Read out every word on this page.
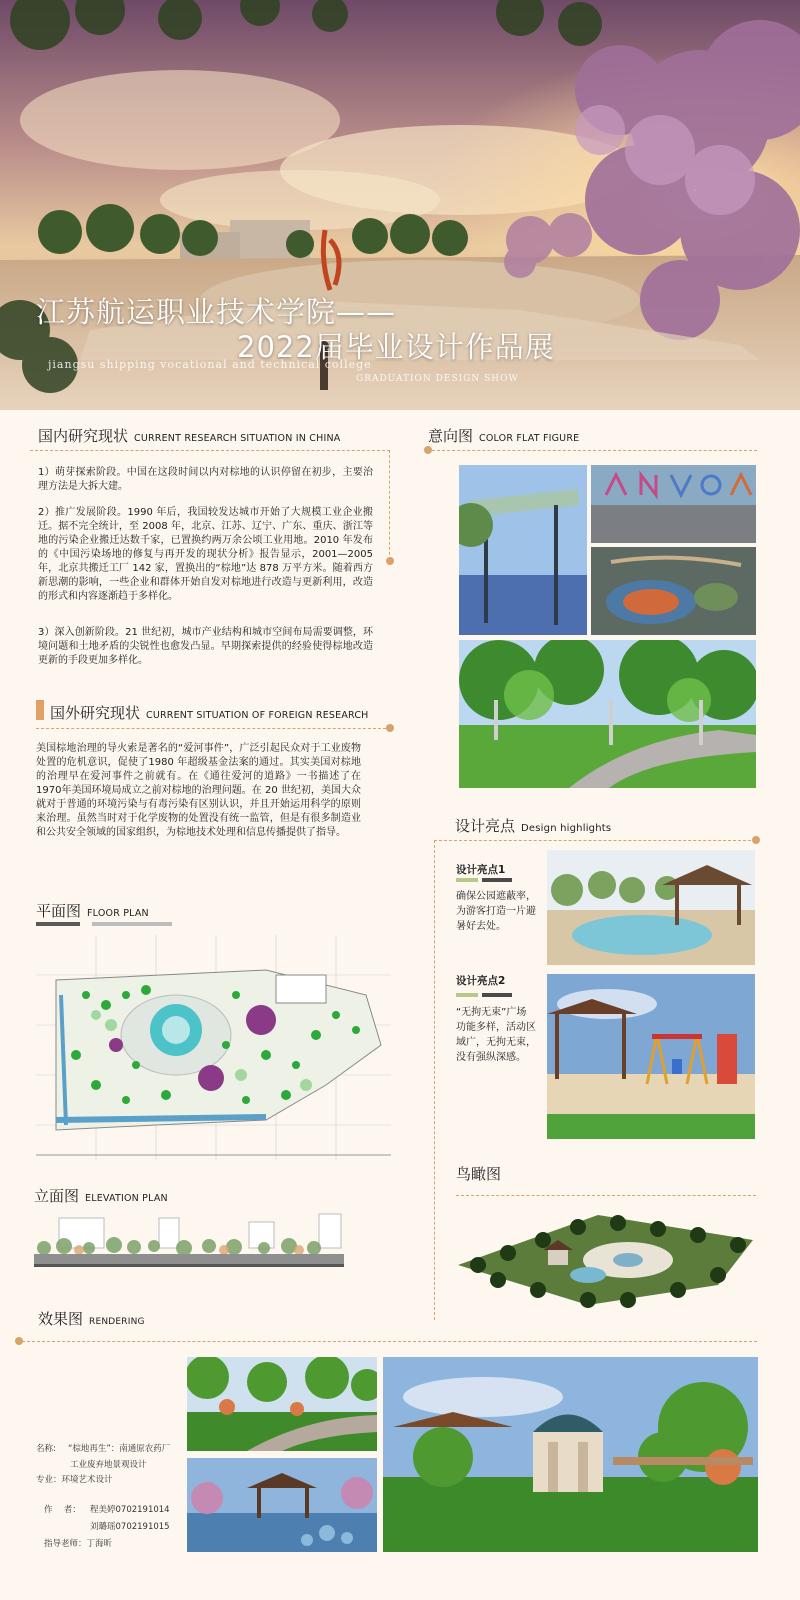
江苏航运职业技术学院——
2022届毕业设计作品展
jiangsu shipping vocational and technical college
GRADUATION DESIGN SHOW
国内研究现状 CURRENT RESEARCH SITUATION IN CHINA
1）萌芽探索阶段。中国在这段时间以内对棕地的认识停留在初步，主要治理方法是大拆大建。
2）推广发展阶段。1990 年后，我国较发达城市开始了大规模工业企业搬迁。据不完全统计，至 2008 年，北京、江苏、辽宁、广东、重庆、浙江等地的污染企业搬迁达数千家，已置换约两万余公顷工业用地。2010 年发布的《中国污染场地的修复与再开发的现状分析》报告显示，2001—2005 年，北京共搬迁工厂 142 家，置换出的“棕地”达 878 万平方米。随着西方新思潮的影响，一些企业和群体开始自发对棕地进行改造与更新利用，改造的形式和内容逐渐趋于多样化。
3）深入创新阶段。21 世纪初，城市产业结构和城市空间布局需要调整，环境问题和土地矛盾的尖锐性也愈发凸显。早期探索提供的经验使得棕地改造更新的手段更加多样化。
国外研究现状 CURRENT SITUATION OF FOREIGN RESEARCH
美国棕地治理的导火索是著名的“爱河事件”，广泛引起民众对于工业废物处置的危机意识，促使了1980 年超级基金法案的通过。其实美国对棕地的治理早在爱河事件之前就有。在《通往爱河的道路》一书描述了在 1970年美国环境局成立之前对棕地的治理问题。在 20 世纪初，美国大众就对于普通的环境污染与有毒污染有区别认识，并且开始运用科学的原则来治理。虽然当时对于化学废物的处置没有统一监管，但是有很多制造业和公共安全领域的国家组织，为棕地技术处理和信息传播提供了指导。
平面图 FLOOR PLAN
立面图 ELEVATION PLAN
意向图 COLOR FLAT FIGURE
设计亮点 Design highlights
设计亮点1
确保公园遮蔽率，为游客打造一片避暑好去处。
设计亮点2
“无拘无束”广场功能多样，活动区域广，无拘无束，没有强纵深感。
鸟瞰图
效果图 RENDERING
名称: “棕地再生”：南通原农药厂
工业废弃地景观设计
专业：环境艺术设计
作　 者： 程美婷0702191014
刘璐瑶0702191015
指导老师：丁海昕
